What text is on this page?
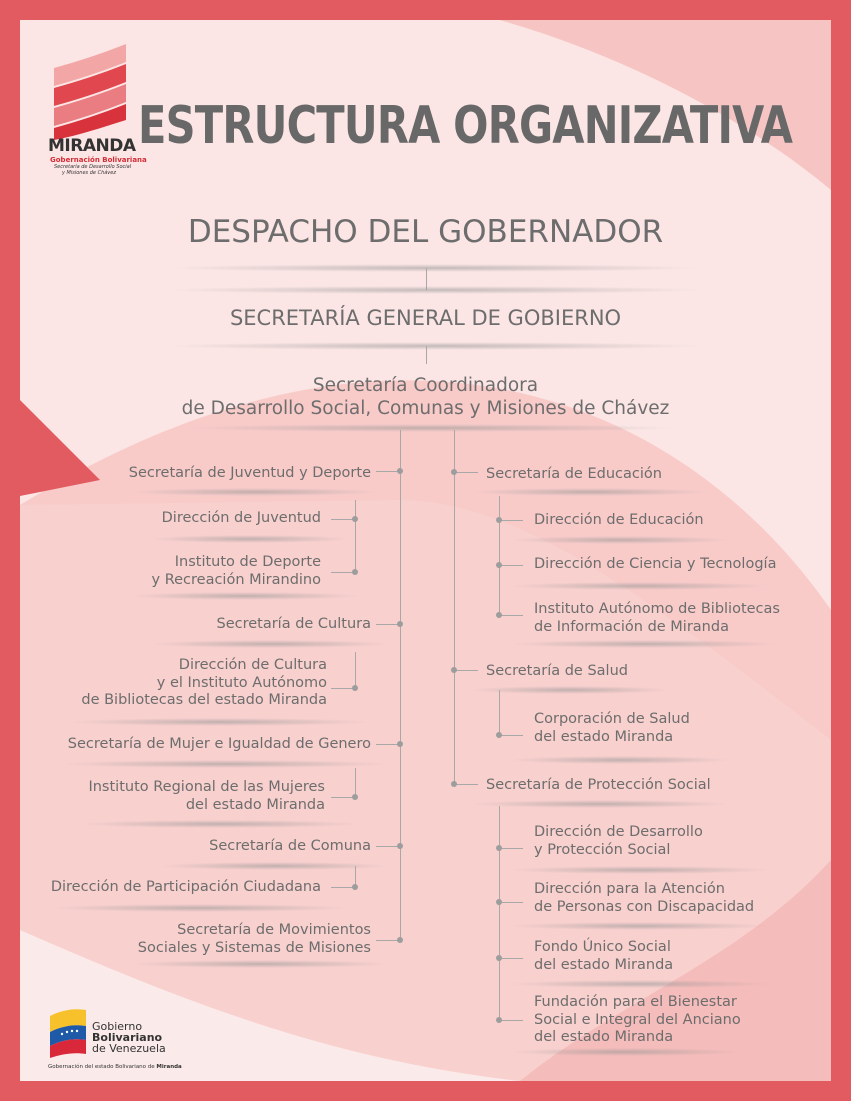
MIRANDA
Gobernación Bolivariana
Secretaría de Desarrollo Social
y Misiones de Chávez
ESTRUCTURA ORGANIZATIVA
DESPACHO DEL GOBERNADOR
SECRETARÍA GENERAL DE GOBIERNO
Secretaría Coordinadora
de Desarrollo Social, Comunas y Misiones de Chávez
Secretaría de Juventud y Deporte
Dirección de Juventud
Instituto de Deporte
y Recreación Mirandino
Secretaría de Cultura
Dirección de Cultura
y el Instituto Autónomo
de Bibliotecas del estado Miranda
Secretaría de Mujer e Igualdad de Genero
Instituto Regional de las Mujeres
del estado Miranda
Secretaría de Comuna
Dirección de Participación Ciudadana
Secretaría de Movimientos
Sociales y Sistemas de Misiones
Secretaría de Educación
Dirección de Educación
Dirección de Ciencia y Tecnología
Instituto Autónomo de Bibliotecas
de Información de Miranda
Secretaría de Salud
Corporación de Salud
del estado Miranda
Secretaría de Protección Social
Dirección de Desarrollo
y Protección Social
Dirección para la Atención
de Personas con Discapacidad
Fondo Único Social
del estado Miranda
Fundación para el Bienestar
Social e Integral del Anciano
del estado Miranda
Gobierno
Bolivariano
de Venezuela
Gobernación del estado Bolivariano de Miranda
